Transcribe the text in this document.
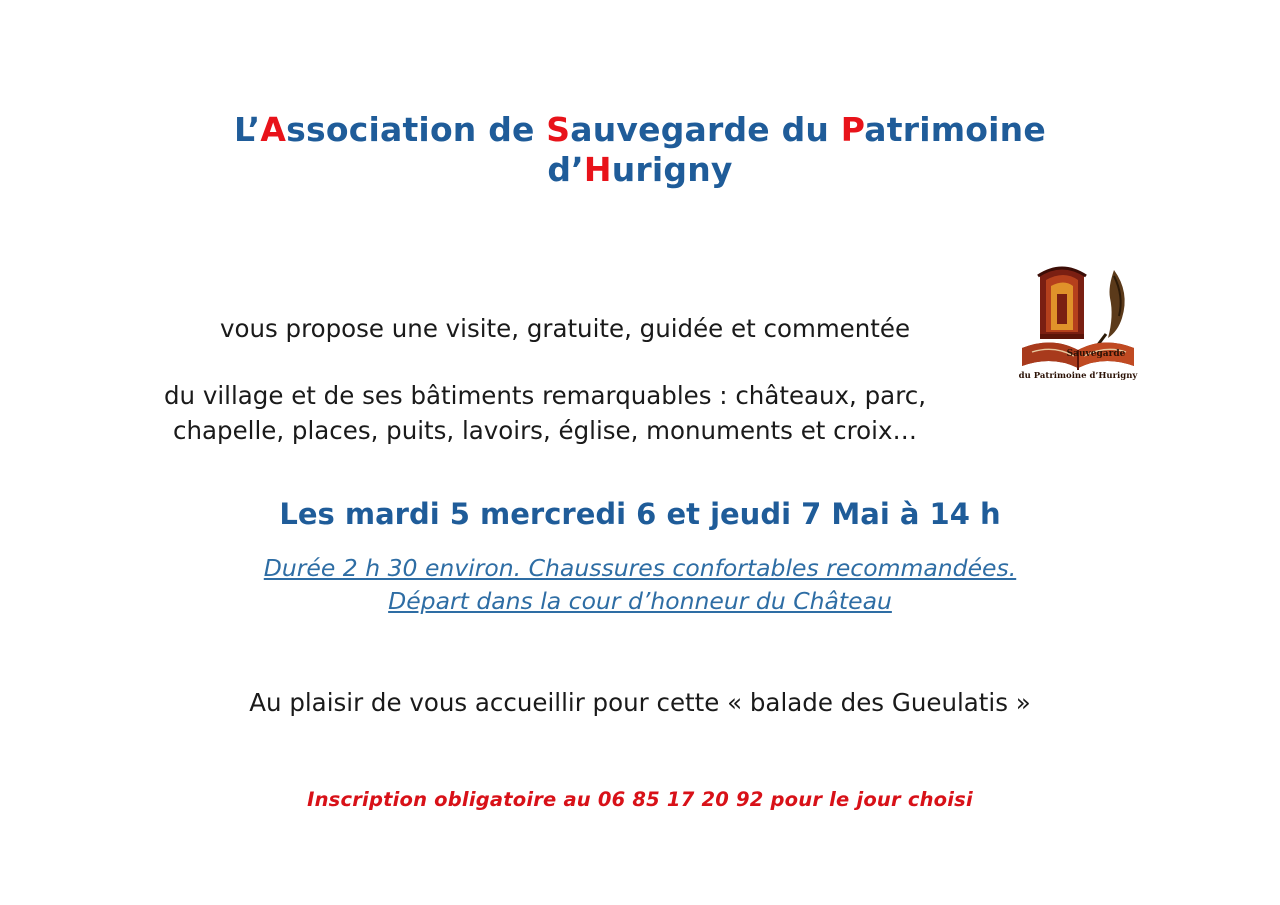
L’Association de Sauvegarde du Patrimoine
d’Hurigny
Sauvegarde
du Patrimoine d’Hurigny

vous propose une visite, gratuite, guidée et commentée

du village et de ses bâtiments remarquables : châteaux, parc,
chapelle, places, puits, lavoirs, église, monuments et croix…

Les mardi 5 mercredi 6 et jeudi 7 Mai à 14 h

Durée 2 h 30 environ. Chaussures confortables recommandées.
Départ dans la cour d’honneur du Château

Au plaisir de vous accueillir pour cette « balade des Gueulatis »

Inscription obligatoire au 06 85 17 20 92 pour le jour choisi
